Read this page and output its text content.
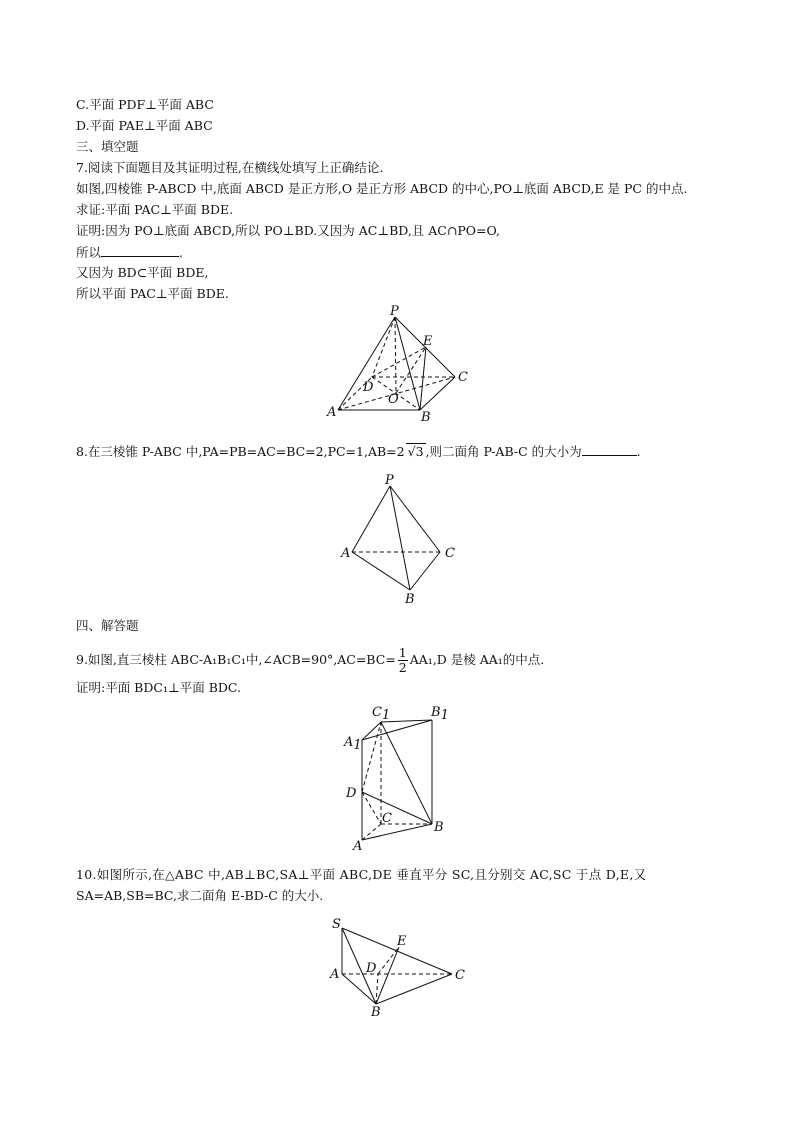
C.平面 PDF⊥平面 ABC
D.平面 PAE⊥平面 ABC
三、填空题
7.阅读下面题目及其证明过程,在横线处填写上正确结论.
如图,四棱锥 P-ABCD 中,底面 ABCD 是正方形,O 是正方形 ABCD 的中心,PO⊥底面 ABCD,E 是 PC 的中点.
求证:平面 PAC⊥平面 BDE.
证明:因为 PO⊥底面 ABCD,所以 PO⊥BD.又因为 AC⊥BD,且 AC∩PO=O,
所以	.
又因为 BD⊂平面 BDE,
所以平面 PAC⊥平面 BDE.
P
E
C
D
O
A	B
8.在三棱锥 P-ABC 中,PA=PB=AC=BC=2,PC=1,AB=2 √3 ,则二面角 P-AB-C 的大小为	.
P
A	C
B
四、解答题
9.如图,直三棱柱 ABC-A₁B₁C₁中,∠ACB=90°,AC=BC= $\frac{1}{2} AA_1,D$ 是棱 AA₁的中点.
证明:平面 BDC₁⊥平面 BDC.
C1	B1
A1
D
C
A
B
10.如图所示,在△ABC 中,AB⊥BC,SA⊥平面 ABC,DE 垂直平分 SC,且分别交 AC,SC 于点 D,E,又
SA=AB,SB=BC,求二面角 E-BD-C 的大小.
S
E
A D	C
B
